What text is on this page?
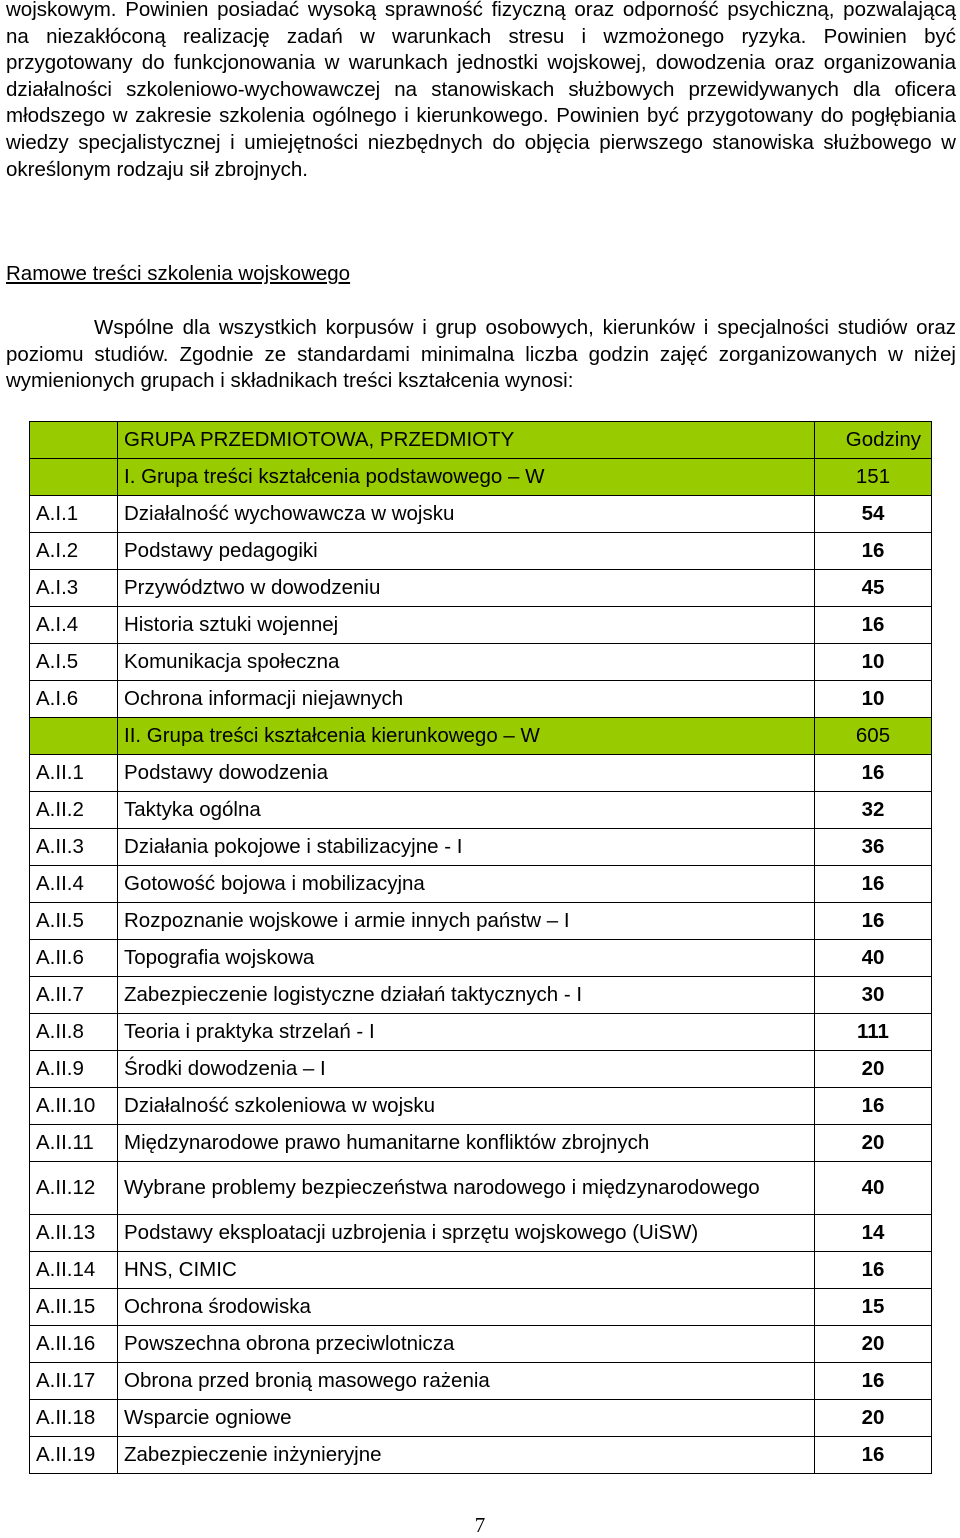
wojskowym. Powinien posiadać wysoką sprawność fizyczną oraz odporność psychiczną, pozwalającą na niezakłóconą realizację zadań w warunkach stresu i wzmożonego ryzyka. Powinien być przygotowany do funkcjonowania w warunkach jednostki wojskowej, dowodzenia oraz organizowania działalności szkoleniowo-wychowawczej na stanowiskach służbowych przewidywanych dla oficera młodszego w zakresie szkolenia ogólnego i kierunkowego. Powinien być przygotowany do pogłębiania wiedzy specjalistycznej i umiejętności niezbędnych do objęcia pierwszego stanowiska służbowego w określonym rodzaju sił zbrojnych.

Ramowe treści szkolenia wojskowego

Wspólne dla wszystkich korpusów i grup osobowych, kierunków i specjalności studiów oraz poziomu studiów. Zgodnie ze standardami minimalna liczba godzin zajęć zorganizowanych w niżej wymienionych grupach i składnikach treści kształcenia wynosi:

	GRUPA PRZEDMIOTOWA, PRZEDMIOTY	Godziny
	I. Grupa treści kształcenia podstawowego – W	151
A.I.1	Działalność wychowawcza w wojsku	54
A.I.2	Podstawy pedagogiki	16
A.I.3	Przywództwo w dowodzeniu	45
A.I.4	Historia sztuki wojennej	16
A.I.5	Komunikacja społeczna	10
A.I.6	Ochrona informacji niejawnych	10
	II. Grupa treści kształcenia kierunkowego – W	605
A.II.1	Podstawy dowodzenia	16
A.II.2	Taktyka ogólna	32
A.II.3	Działania pokojowe i stabilizacyjne - I	36
A.II.4	Gotowość bojowa i mobilizacyjna	16
A.II.5	Rozpoznanie wojskowe i armie innych państw – I	16
A.II.6	Topografia wojskowa	40
A.II.7	Zabezpieczenie logistyczne działań taktycznych - I	30
A.II.8	Teoria i praktyka strzelań - I	111
A.II.9	Środki dowodzenia – I	20
A.II.10	Działalność szkoleniowa w wojsku	16
A.II.11	Międzynarodowe prawo humanitarne konfliktów zbrojnych	20
A.II.12	Wybrane problemy bezpieczeństwa narodowego i międzynarodowego	40
A.II.13	Podstawy eksploatacji uzbrojenia i sprzętu wojskowego (UiSW)	14
A.II.14	HNS, CIMIC	16
A.II.15	Ochrona środowiska	15
A.II.16	Powszechna obrona przeciwlotnicza	20
A.II.17	Obrona przed bronią masowego rażenia	16
A.II.18	Wsparcie ogniowe	20
A.II.19	Zabezpieczenie inżynieryjne	16
7
